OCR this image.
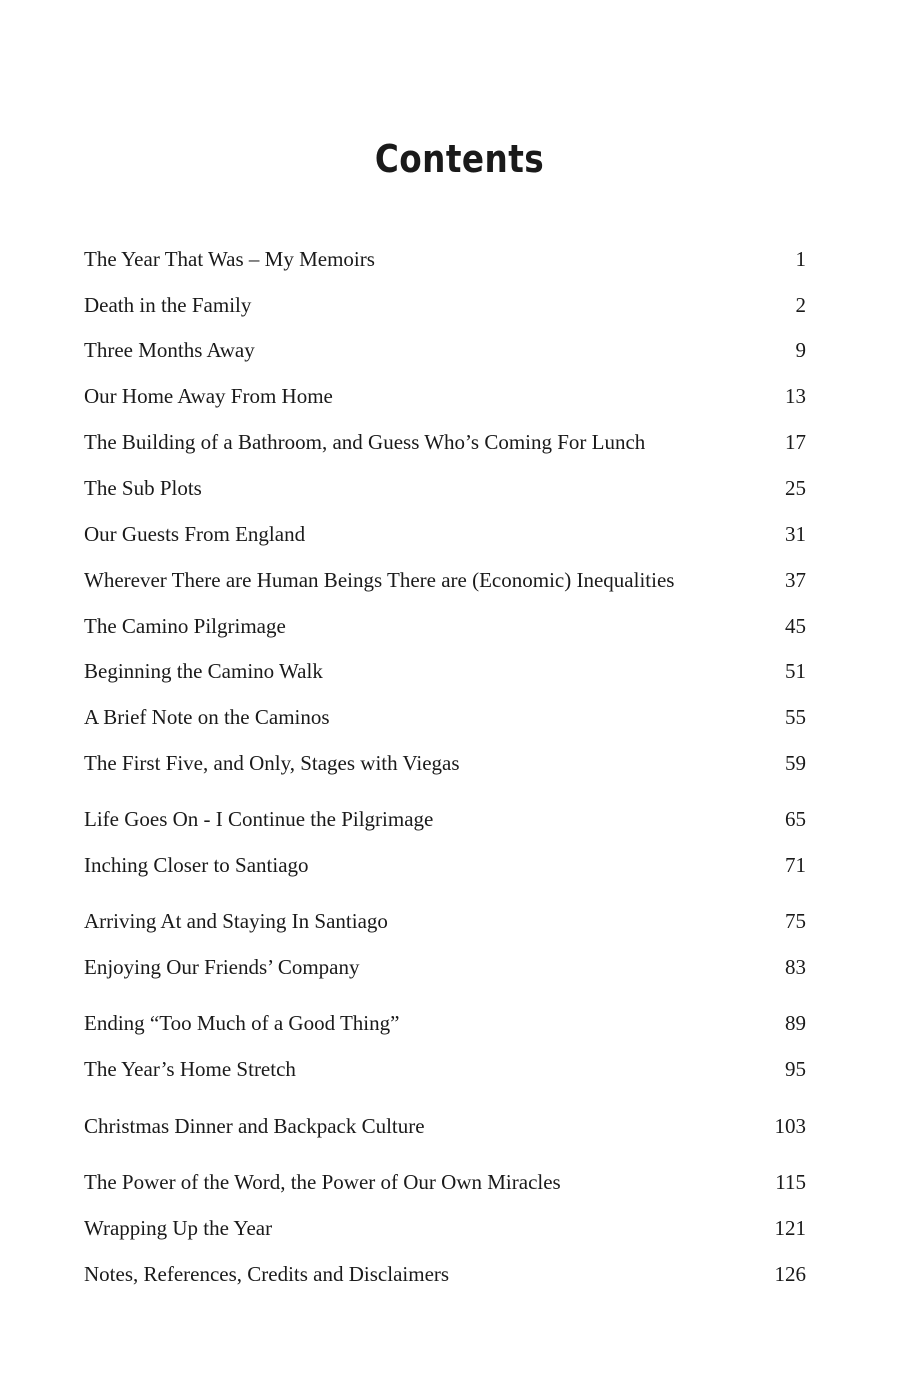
Contents
The Year That Was – My Memoirs	1
Death in the Family	2
Three Months Away	9
Our Home Away From Home	13
The Building of a Bathroom, and Guess Who’s Coming For Lunch	17
The Sub Plots	25
Our Guests From England	31
Wherever There are Human Beings There are (Economic) Inequalities	37
The Camino Pilgrimage	45
Beginning the Camino Walk	51
A Brief Note on the Caminos	55
The First Five, and Only, Stages with Viegas	59
Life Goes On - I Continue the Pilgrimage	65
Inching Closer to Santiago	71
Arriving At and Staying In Santiago	75
Enjoying Our Friends’ Company	83
Ending “Too Much of a Good Thing”	89
The Year’s Home Stretch	95
Christmas Dinner and Backpack Culture	103
The Power of the Word, the Power of Our Own Miracles	115
Wrapping Up the Year	121
Notes, References, Credits and Disclaimers	126
